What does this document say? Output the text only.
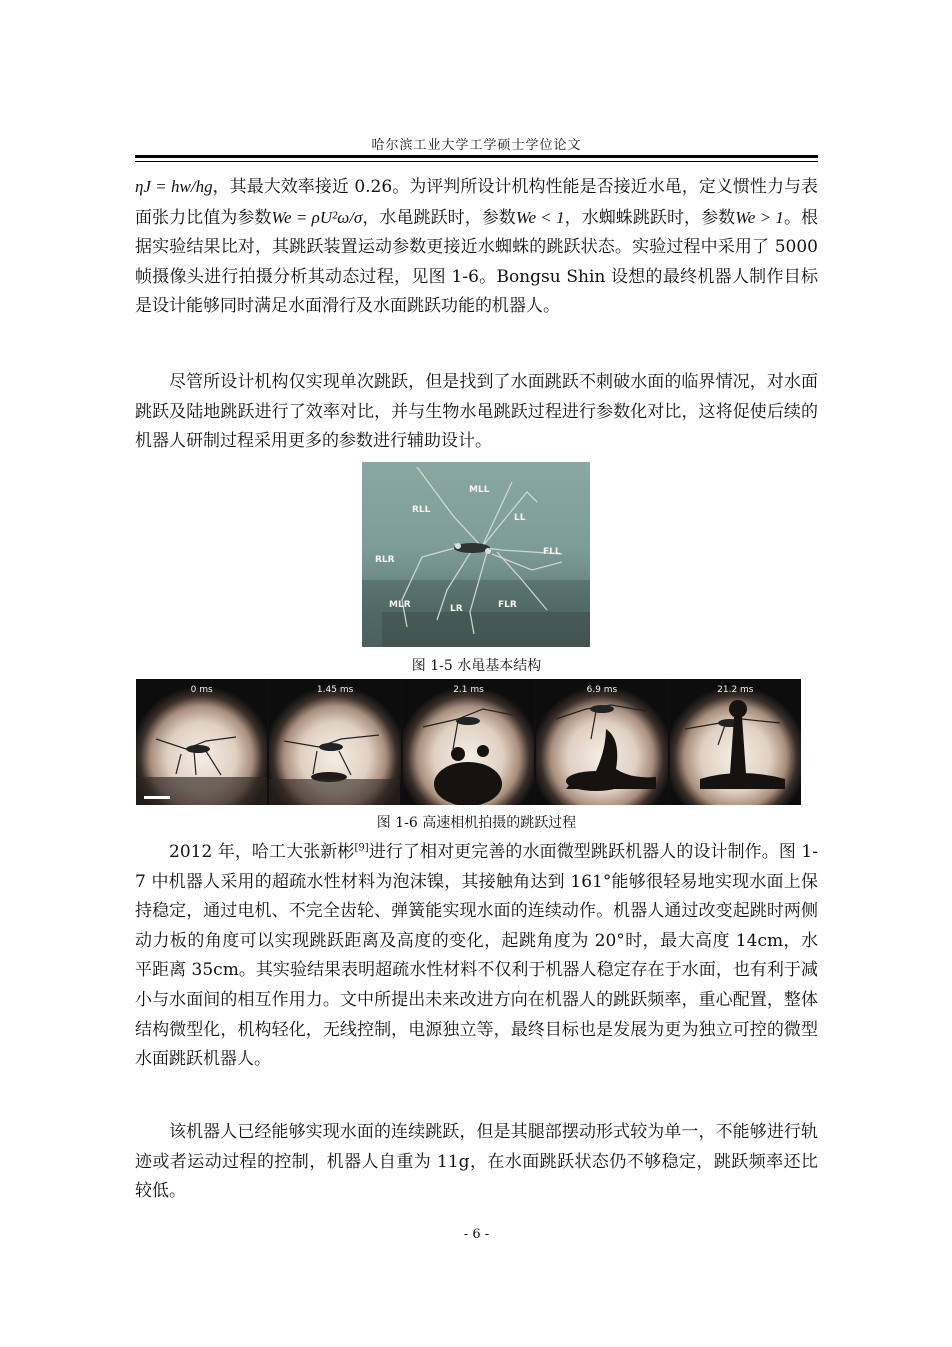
哈尔滨工业大学工学硕士学位论文

ηJ = hw/hg，其最大效率接近 0.26。为评判所设计机构性能是否接近水黾，定义惯性力与表面张力比值为参数We = ρU²ω/σ，水黾跳跃时，参数We < 1，水蜘蛛跳跃时，参数We > 1。根据实验结果比对，其跳跃装置运动参数更接近水蜘蛛的跳跃状态。实验过程中采用了 5000 帧摄像头进行拍摄分析其动态过程，见图 1-6。Bongsu Shin 设想的最终机器人制作目标是设计能够同时满足水面滑行及水面跳跃功能的机器人。

尽管所设计机构仅实现单次跳跃，但是找到了水面跳跃不刺破水面的临界情况，对水面跳跃及陆地跳跃进行了效率对比，并与生物水黾跳跃过程进行参数化对比，这将促使后续的机器人研制过程采用更多的参数进行辅助设计。

MLL
RLL
LL
FLL
RLR
MLR	LR	FLR
图 1-5 水黾基本结构
0 ms	1.45 ms	2.1 ms	6.9 ms	21.2 ms
图 1-6 高速相机拍摄的跳跃过程

2012 年，哈工大张新彬[9]进行了相对更完善的水面微型跳跃机器人的设计制作。图 1-7 中机器人采用的超疏水性材料为泡沫镍，其接触角达到 161°能够很轻易地实现水面上保持稳定，通过电机、不完全齿轮、弹簧能实现水面的连续动作。机器人通过改变起跳时两侧动力板的角度可以实现跳跃距离及高度的变化，起跳角度为 20°时，最大高度 14cm，水平距离 35cm。其实验结果表明超疏水性材料不仅利于机器人稳定存在于水面，也有利于减小与水面间的相互作用力。文中所提出未来改进方向在机器人的跳跃频率，重心配置，整体结构微型化，机构轻化，无线控制，电源独立等，最终目标也是发展为更为独立可控的微型水面跳跃机器人。

该机器人已经能够实现水面的连续跳跃，但是其腿部摆动形式较为单一，不能够进行轨迹或者运动过程的控制，机器人自重为 11g，在水面跳跃状态仍不够稳定，跳跃频率还比较低。

- 6 -
